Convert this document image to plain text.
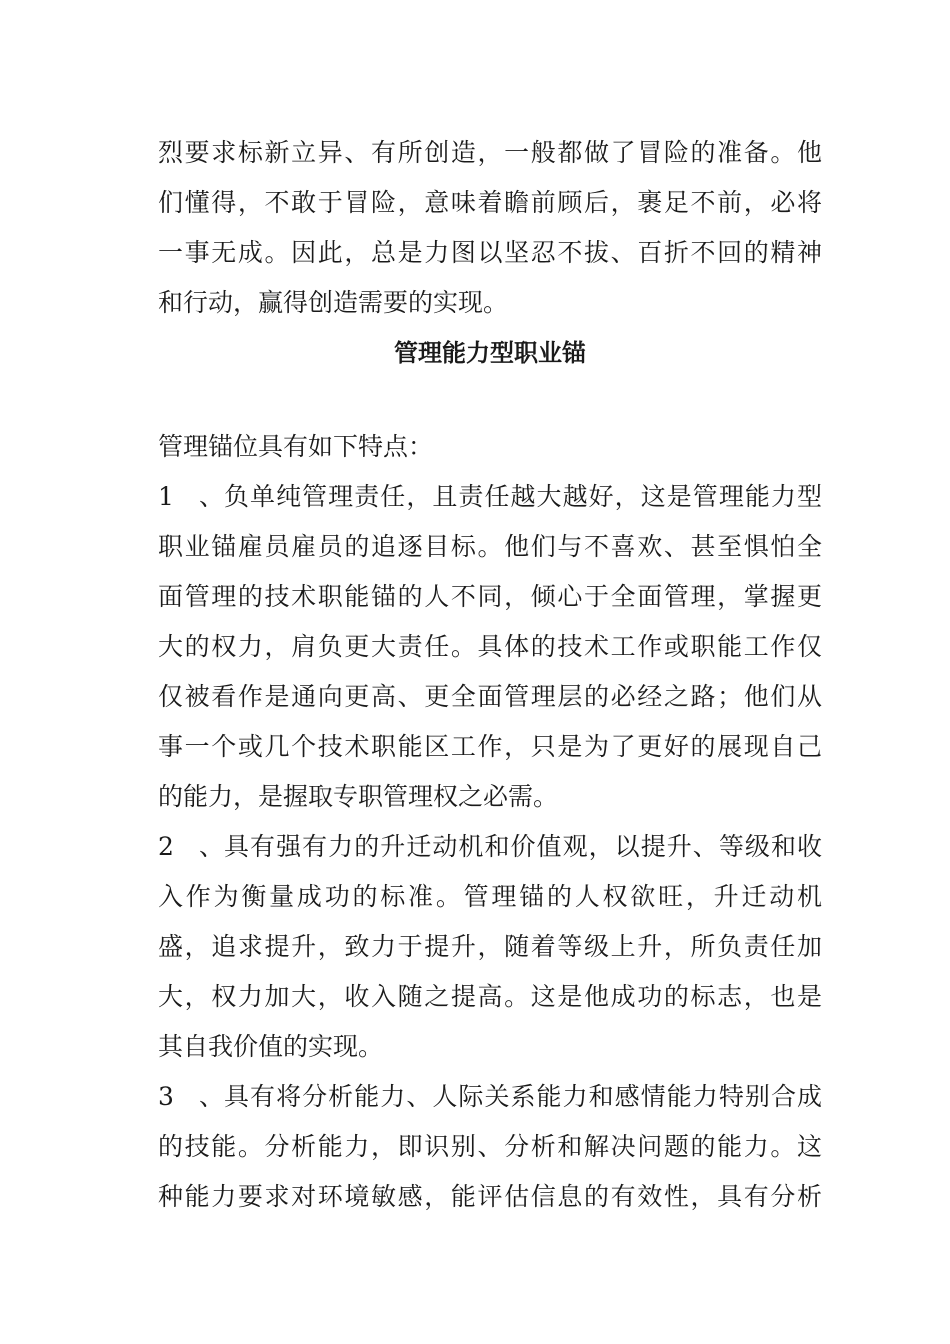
烈要求标新立异、有所创造，一般都做了冒险的准备。他
们懂得，不敢于冒险，意味着瞻前顾后，裹足不前，必将
一事无成。因此，总是力图以坚忍不拔、百折不回的精神
和行动，赢得创造需要的实现。
管理能力型职业锚
管理锚位具有如下特点：
1、 负单纯管理责任，且责任越大越好，这是管理能力型
职业锚雇员雇员的追逐目标。他们与不喜欢、甚至惧怕全
面管理的技术职能锚的人不同，倾心于全面管理，掌握更
大的权力，肩负更大责任。具体的技术工作或职能工作仅
仅被看作是通向更高、更全面管理层的必经之路；他们从
事一个或几个技术职能区工作，只是为了更好的展现自己
的能力，是握取专职管理权之必需。
2、 具有强有力的升迁动机和价值观，以提升、等级和收
入作为衡量成功的标准。管理锚的人权欲旺，升迁动机
盛，追求提升，致力于提升，随着等级上升，所负责任加
大，权力加大，收入随之提高。这是他成功的标志，也是
其自我价值的实现。
3、 具有将分析能力、人际关系能力和感情能力特别合成
的技能。分析能力，即识别、分析和解决问题的能力。这
种能力要求对环境敏感，能评估信息的有效性，具有分析
